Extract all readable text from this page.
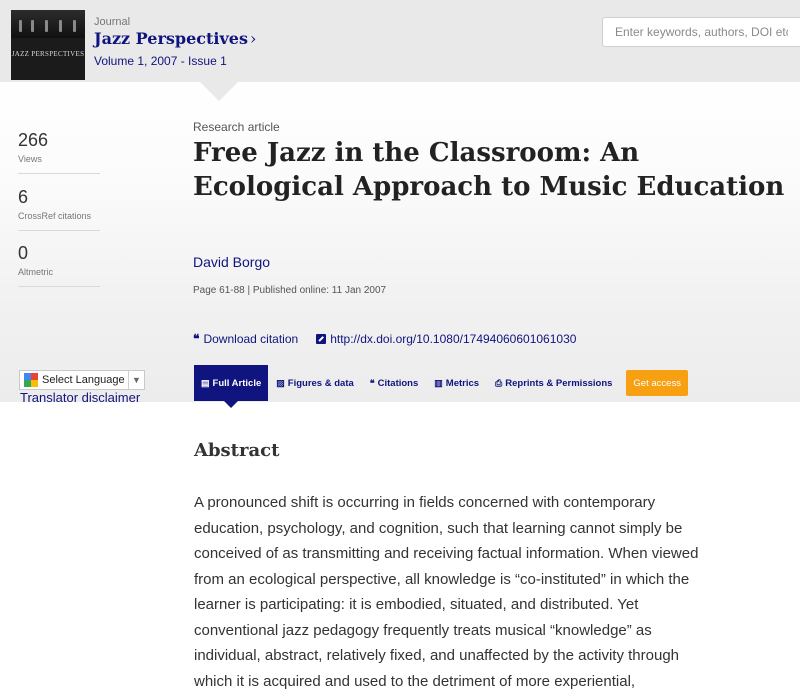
JAZZ PERSPECTIVES
Journal
Jazz Perspectives ›
Volume 1, 2007 - Issue 1
Enter keywords, authors, DOI etc.
266
Views
6
CrossRef citations
0
Altmetric
Select Language ▼
Translator disclaimer
Research article
Free Jazz in the Classroom: An Ecological Approach to Music Education
David Borgo
Page 61-88 | Published online: 11 Jan 2007
❝ Download citation	http://dx.doi.org/10.1080/17494060601061030
▤ Full Article ▨ Figures & data ❝ Citations ▥ Metrics ⎙ Reprints & Permissions	Get access
Abstract
A pronounced shift is occurring in fields concerned with contemporary
education, psychology, and cognition, such that learning cannot simply be
conceived of as transmitting and receiving factual information. When viewed
from an ecological perspective, all knowledge is “co-instituted” in which the
learner is participating: it is embodied, situated, and distributed. Yet
conventional jazz pedagogy frequently treats musical “knowledge” as
individual, abstract, relatively fixed, and unaffected by the activity through
which it is acquired and used to the detriment of more experiential,
